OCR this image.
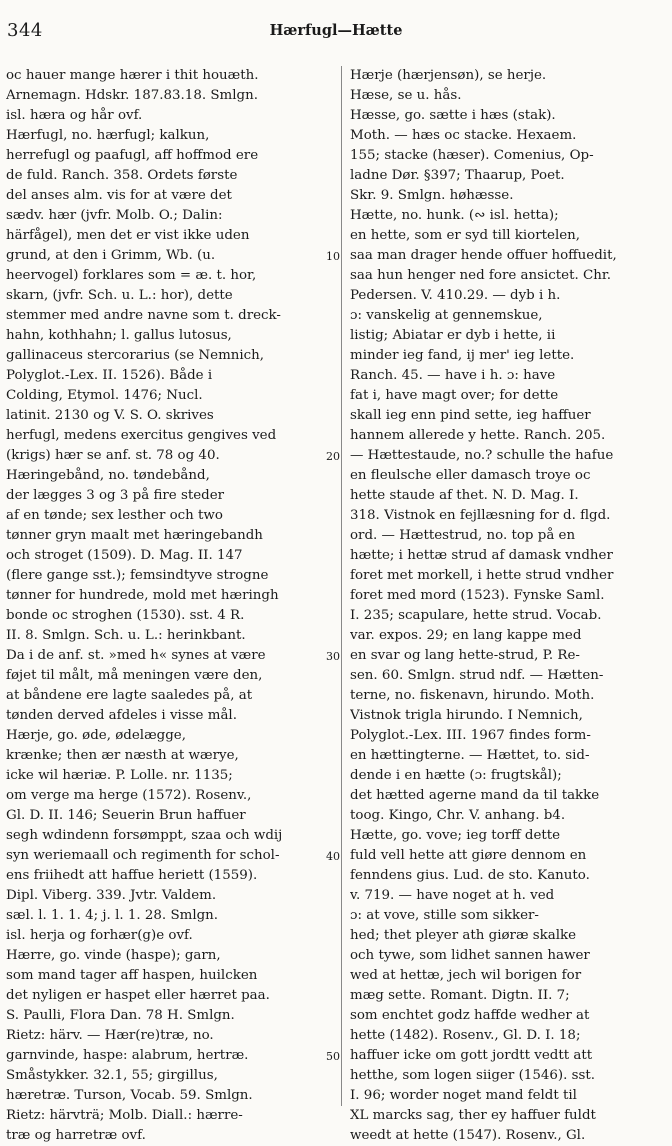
344	Hærfugl—Hætte

oc hauer mange hærer i thit houæth.

Arnemagn. Hdskr. 187.83.18. Smlgn.

isl. hæra og hår ovf.

Hærfugl, no. hærfugl; kalkun,

herrefugl og paafugl, aff hoffmod ere

de fuld. Ranch. 358. Ordets første

del anses alm. vis for at være det

sædv. hær (jvfr. Molb. O.; Dalin:

härfågel), men det er vist ikke uden

grund, at den i Grimm, Wb. (u.

heervogel) forklares som = æ. t. hor,

skarn, (jvfr. Sch. u. L.: hor), dette

stemmer med andre navne som t. dreck-

hahn, kothhahn; l. gallus lutosus,

gallinaceus stercorarius (se Nemnich,

Polyglot.-Lex. II. 1526). Både i

Colding, Etymol. 1476; Nucl.

latinit. 2130 og V. S. O. skrives

herfugl, medens exercitus gengives ved

(krigs) hær se anf. st. 78 og 40.

Hæringebånd, no. tøndebånd,

der lægges 3 og 3 på fire steder

af en tønde; sex lesther och two

tønner gryn maalt met hæringebandh

och stroget (1509). D. Mag. II. 147

(flere gange sst.); femsindtyve strogne

tønner for hundrede, mold met hæringh

bonde oc stroghen (1530). sst. 4 R.

II. 8. Smlgn. Sch. u. L.: herinkbant.

Da i de anf. st. »med h« synes at være

føjet til målt, må meningen være den,

at båndene ere lagte saaledes på, at

tønden derved afdeles i visse mål.

Hærje, go. øde, ødelægge,

krænke; then ær næsth at wærye,

icke wil hæriæ. P. Lolle. nr. 1135;

om verge ma herge (1572). Rosenv.,

Gl. D. II. 146; Seuerin Brun haffuer

segh wdindenn forsømppt, szaa och wdij

syn weriemaall och regimenth for schol-

ens friihedt att haffue heriett (1559).

Dipl. Viberg. 339. Jvtr. Valdem.

sæl. l. 1. 1. 4; j. l. 1. 28. Smlgn.

isl. herja og forhær(g)e ovf.

Hærre, go. vinde (haspe); garn,

som mand tager aff haspen, huilcken

det nyligen er haspet eller hærret paa.

S. Paulli, Flora Dan. 78 H. Smlgn.

Rietz: härv. — Hær(re)træ, no.

garnvinde, haspe: alabrum, hertræ.

Småstykker. 32.1, 55; girgillus,

hæretræ. Turson, Vocab. 59. Smlgn.

Rietz: härvträ; Molb. Diall.: hærre-

træ og harretræ ovf.

10
20
30
40
50

Hærje (hærjensøn), se herje.

Hæse, se u. hås.

Hæsse, go. sætte i hæs (stak).

Moth. — hæs oc stacke. Hexaem.

155; stacke (hæser). Comenius, Op-

ladne Dør. §397; Thaarup, Poet.

Skr. 9. Smlgn. høhæsse.

Hætte, no. hunk. (∾ isl. hetta);

en hette, som er syd till kiortelen,

saa man drager hende offuer hoffuedit,

saa hun henger ned fore ansictet. Chr.

Pedersen. V. 410.29. — dyb i h.

ɔ: vanskelig at gennemskue,

listig; Abiatar er dyb i hette, ii

minder ieg fand, ij mer' ieg lette.

Ranch. 45. — have i h. ɔ: have

fat i, have magt over; for dette

skall ieg enn pind sette, ieg haffuer

hannem allerede y hette. Ranch. 205.

— Hættestaude, no.? schulle the hafue

en fleulsche eller damasch troye oc

hette staude af thet. N. D. Mag. I.

318. Vistnok en fejllæsning for d. flgd.

ord. — Hættestrud, no. top på en

hætte; i hettæ strud af damask vndher

foret met morkell, i hette strud vndher

foret med mord (1523). Fynske Saml.

I. 235; scapulare, hette strud. Vocab.

var. expos. 29; en lang kappe med

en svar og lang hette-strud, P. Re-

sen. 60. Smlgn. strud ndf. — Hætten-

terne, no. fiskenavn, hirundo. Moth.

Vistnok trigla hirundo. I Nemnich,

Polyglot.-Lex. III. 1967 findes form-

en hættingterne. — Hættet, to. sid-

dende i en hætte (ɔ: frugtskål);

det hætted agerne mand da til takke

toog. Kingo, Chr. V. anhang. b4.

Hætte, go. vove; ieg torff dette

fuld vell hette att giøre dennom en

fenndens gius. Lud. de sto. Kanuto.

v. 719. — have noget at h. ved

ɔ: at vove, stille som sikker-

hed; thet pleyer ath giøræ skalke

och tywe, som lidhet sannen hawer

wed at hettæ, jech wil borigen for

mæg sette. Romant. Digtn. II. 7;

som enchtet godz haffde wedher at

hette (1482). Rosenv., Gl. D. I. 18;

haffuer icke om gott jordtt vedtt att

hetthe, som logen siiger (1546). sst.

I. 96; worder noget mand feldt til

XL marcks sag, ther ey haffuer fuldt

weedt at hette (1547). Rosenv., Gl.
